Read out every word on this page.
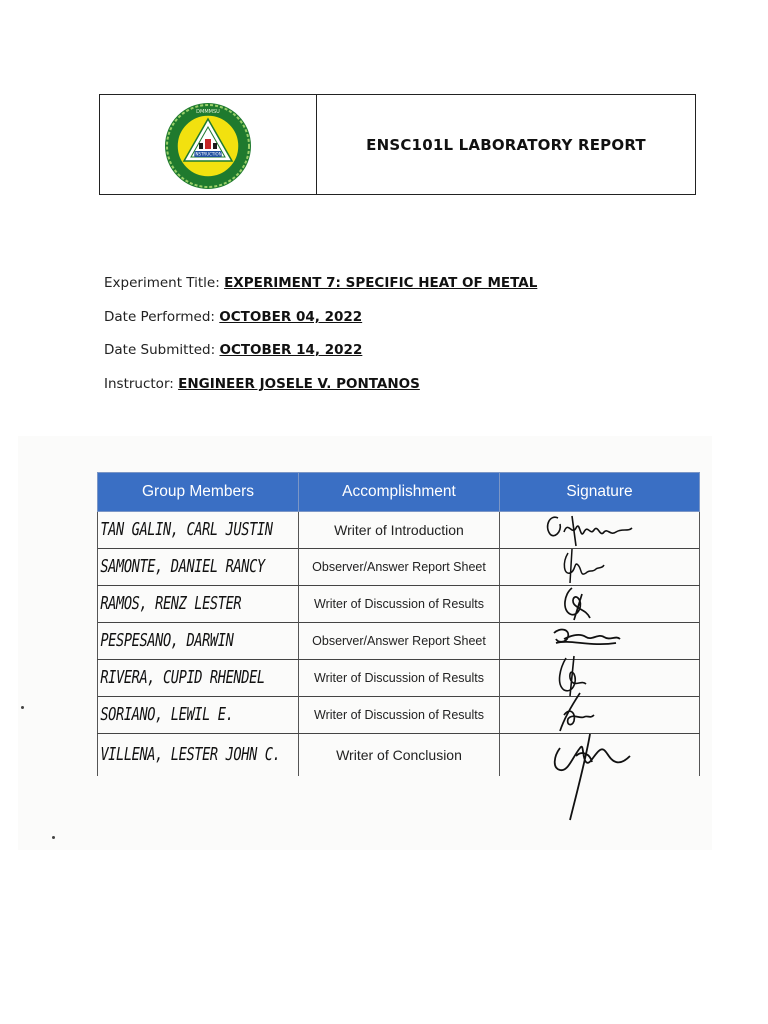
INSTRUCTION
DMMMSU
ENSC101L LABORATORY REPORT
Experiment Title: EXPERIMENT 7: SPECIFIC HEAT OF METAL
Date Performed: OCTOBER 04, 2022
Date Submitted: OCTOBER 14, 2022
Instructor: ENGINEER JOSELE V. PONTANOS
Group Members	Accomplishment	Signature

TAN GALIN, CARL JUSTIN	Writer of Introduction

SAMONTE, DANIEL RANCY	Observer/Answer Report Sheet

RAMOS, RENZ LESTER	Writer of Discussion of Results

PESPESANO, DARWIN	Observer/Answer Report Sheet

RIVERA, CUPID RHENDEL	Writer of Discussion of Results

SORIANO, LEWIL E.	Writer of Discussion of Results

VILLENA, LESTER JOHN C.	Writer of Conclusion
